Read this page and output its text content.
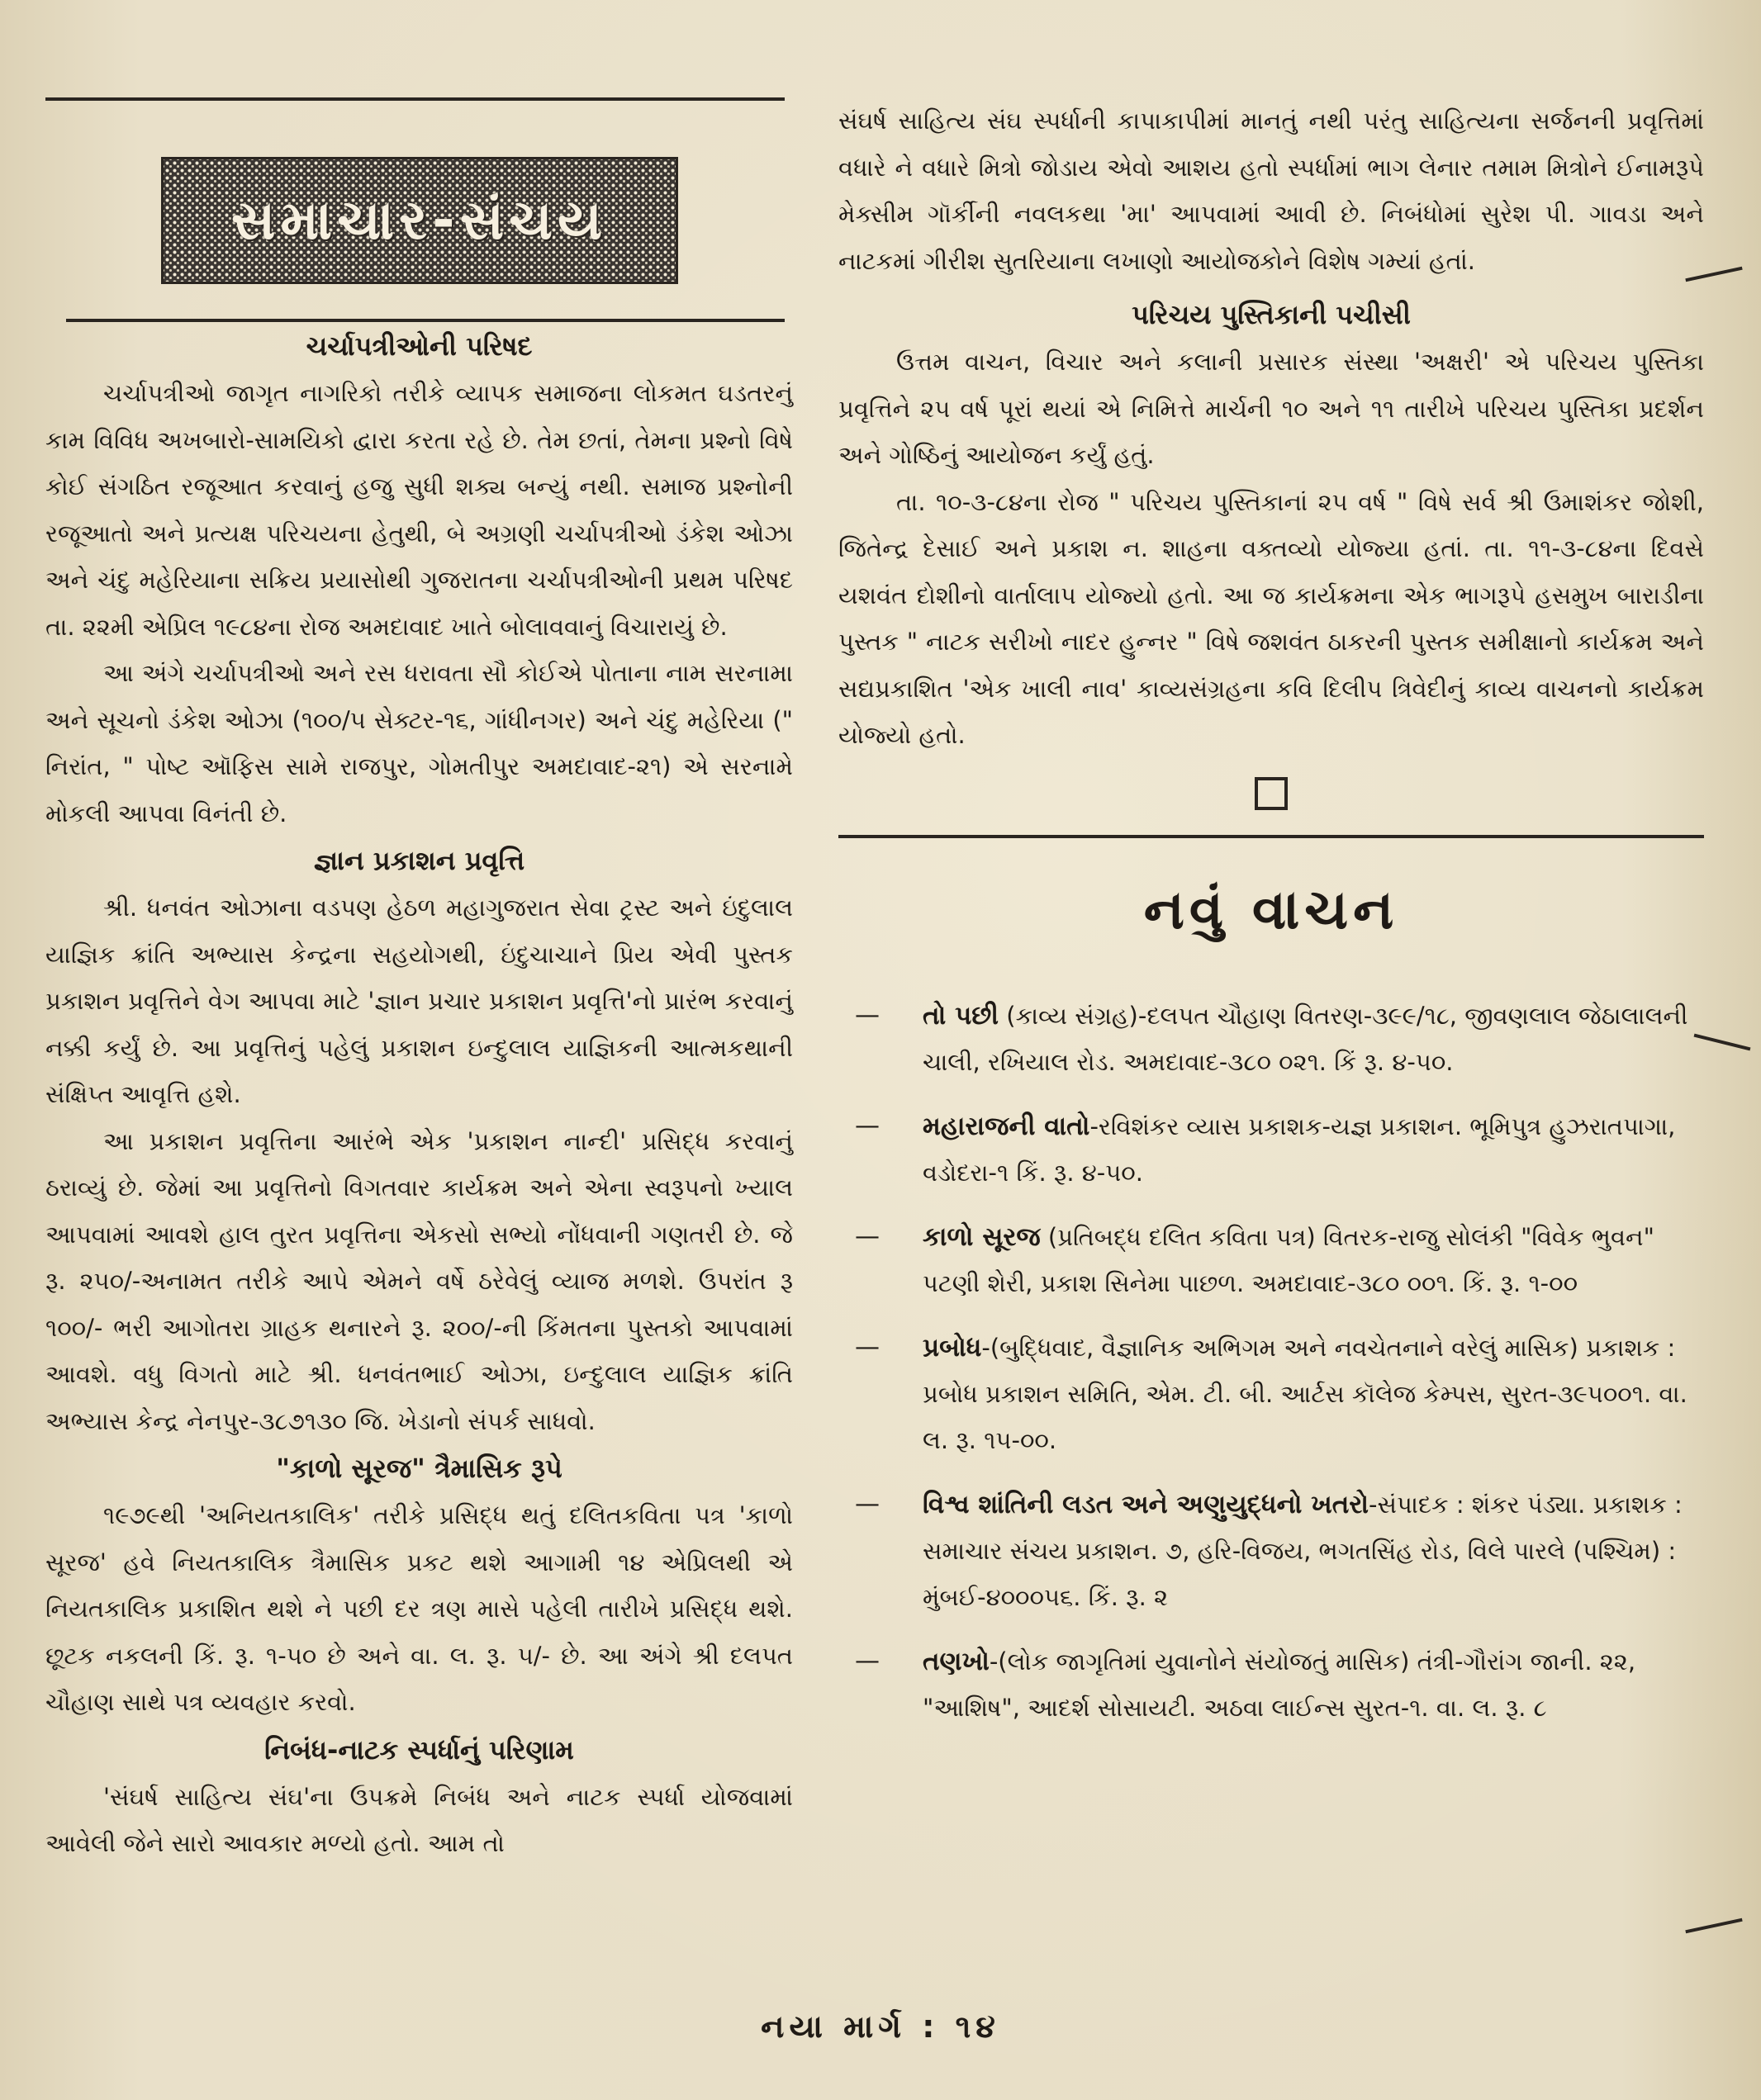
સમાચાર-સંચય
ચર્ચાપત્રીઓની પરિષદ

ચર્ચાપત્રીઓ જાગૃત નાગરિકો તરીકે વ્યાપક સમાજના લોકમત ઘડતરનું કામ વિવિધ અખબારો-સામયિકો દ્વારા કરતા રહે છે. તેમ છતાં, તેમના પ્રશ્નો વિષે કોઈ સંગઠિત રજૂઆત કરવાનું હજુ સુધી શક્ય બન્યું નથી. સમાજ પ્રશ્નોની રજૂઆતો અને પ્રત્યક્ષ પરિચયના હેતુથી, બે અગ્રણી ચર્ચાપત્રીઓ ડંકેશ ઓઝા અને ચંદુ મહેરિયાના સક્રિય પ્રયાસોથી ગુજરાતના ચર્ચાપત્રીઓની પ્રથમ પરિષદ તા. ૨૨મી એપ્રિલ ૧૯૮૪ના રોજ અમદાવાદ ખાતે બોલાવવાનું વિચારાયું છે.

આ અંગે ચર્ચાપત્રીઓ અને રસ ધરાવતા સૌ કોઈએ પોતાના નામ સરનામા અને સૂચનો ડંકેશ ઓઝા (૧૦૦/૫ સેક્ટર-૧૬, ગાંધીનગર) અને ચંદુ મહેરિયા (" નિરાંત, " પોષ્ટ ઑફિસ સામે રાજપુર, ગોમતીપુર અમદાવાદ-૨૧) એ સરનામે મોકલી આપવા વિનંતી છે.

જ્ઞાન પ્રકાશન પ્રવૃત્તિ

શ્રી. ધનવંત ઓઝાના વડપણ હેઠળ મહાગુજરાત સેવા ટ્રસ્ટ અને ઇંદુલાલ યાજ્ઞિક ક્રાંતિ અભ્યાસ કેન્દ્રના સહયોગથી, ઇંદુચાચાને પ્રિય એવી પુસ્તક પ્રકાશન પ્રવૃત્તિને વેગ આપવા માટે 'જ્ઞાન પ્રચાર પ્રકાશન પ્રવૃત્તિ'નો પ્રારંભ કરવાનું નક્કી કર્યું છે. આ પ્રવૃત્તિનું પહેલું પ્રકાશન ઇન્દુલાલ યાજ્ઞિકની આત્મકથાની સંક્ષિપ્ત આવૃત્તિ હશે.

આ પ્રકાશન પ્રવૃત્તિના આરંભે એક 'પ્રકાશન નાન્દી' પ્રસિદ્ધ કરવાનું ઠરાવ્યું છે. જેમાં આ પ્રવૃત્તિનો વિગતવાર કાર્યક્રમ અને એના સ્વરૂપનો ખ્યાલ આપવામાં આવશે હાલ તુરત પ્રવૃત્તિના એકસો સભ્યો નોંધવાની ગણતરી છે. જે રૂ. ૨૫૦/-અનામત તરીકે આપે એમને વર્ષે ઠરેવેલું વ્યાજ મળશે. ઉપરાંત રૂ ૧૦૦/- ભરી આગોતરા ગ્રાહક થનારને રૂ. ૨૦૦/-ની કિંમતના પુસ્તકો આપવામાં આવશે. વધુ વિગતો માટે શ્રી. ધનવંતભાઈ ઓઝા, ઇન્દુલાલ યાજ્ઞિક ક્રાંતિ અભ્યાસ કેન્દ્ર નેનપુર-૩૮૭૧૩૦ જિ. ખેડાનો સંપર્ક સાધવો.

"કાળો સૂરજ" ત્રૈમાસિક રૂપે

૧૯૭૯થી 'અનિયતકાલિક' તરીકે પ્રસિદ્ધ થતું દલિતકવિતા પત્ર 'કાળો સૂરજ' હવે નિયતકાલિક ત્રૈમાસિક પ્રકટ થશે આગામી ૧૪ એપ્રિલથી એ નિયતકાલિક પ્રકાશિત થશે ને પછી દર ત્રણ માસે પહેલી તારીખે પ્રસિદ્ધ થશે. છૂટક નકલની કિં. રૂ. ૧-૫૦ છે અને વા. લ. રૂ. ૫/- છે. આ અંગે શ્રી દલપત ચૌહાણ સાથે પત્ર વ્યવહાર કરવો.

નિબંધ-નાટક સ્પર્ધાનું પરિણામ

'સંઘર્ષ સાહિત્ય સંઘ'ના ઉપક્રમે નિબંધ અને નાટક સ્પર્ધા યોજવામાં આવેલી જેને સારો આવકાર મળ્યો હતો. આમ તો

સંઘર્ષ સાહિત્ય સંઘ સ્પર્ધાની કાપાકાપીમાં માનતું નથી પરંતુ સાહિત્યના સર્જનની પ્રવૃત્તિમાં વધારે ને વધારે મિત્રો જોડાય એવો આશય હતો સ્પર્ધામાં ભાગ લેનાર તમામ મિત્રોને ઈનામરૂપે મેક્સીમ ગૉર્કીની નવલકથા 'મા' આપવામાં આવી છે. નિબંધોમાં સુરેશ પી. ગાવડા અને નાટકમાં ગીરીશ સુતરિયાના લખાણો આયોજકોને વિશેષ ગમ્યાં હતાં.

પરિચય પુસ્તિકાની પચીસી

ઉત્તમ વાચન, વિચાર અને કલાની પ્રસારક સંસ્થા 'અક્ષરી' એ પરિચય પુસ્તિકા પ્રવૃત્તિને ૨૫ વર્ષ પૂરાં થયાં એ નિમિત્તે માર્ચની ૧૦ અને ૧૧ તારીખે પરિચય પુસ્તિકા પ્રદર્શન અને ગોષ્ઠિનું આયોજન કર્યું હતું.

તા. ૧૦-૩-૮૪ના રોજ " પરિચય પુસ્તિકાનાં ૨૫ વર્ષ " વિષે સર્વ શ્રી ઉમાશંકર જોશી, જિતેન્દ્ર દેસાઈ અને પ્રકાશ ન. શાહના વક્તવ્યો યોજ્યા હતાં. તા. ૧૧-૩-૮૪ના દિવસે યશવંત દોશીનો વાર્તાલાપ યોજ્યો હતો. આ જ કાર્યક્રમના એક ભાગરૂપે હસમુખ બારાડીના પુસ્તક " નાટક સરીખો નાદર હુન્નર " વિષે જશવંત ઠાકરની પુસ્તક સમીક્ષાનો કાર્યક્રમ અને સદ્યપ્રકાશિત 'એક ખાલી નાવ' કાવ્યસંગ્રહના કવિ દિલીપ ત્રિવેદીનું કાવ્ય વાચનનો કાર્યક્રમ યોજ્યો હતો.

નવું વાચન
—	તો પછી (કાવ્ય સંગ્રહ)-દલપત ચૌહાણ વિતરણ-૩૯૯/૧૮, જીવણલાલ જેઠાલાલની ચાલી, રખિયાલ રોડ. અમદાવાદ-૩૮૦ ૦૨૧. કિં રૂ. ૪-૫૦.
—	મહારાજની વાતો-રવિશંકર વ્યાસ પ્રકાશક-યજ્ઞ પ્રકાશન. ભૂમિપુત્ર હુઝરાતપાગા, વડોદરા-૧ કિં. રૂ. ૪-૫૦.
—	કાળો સૂરજ (પ્રતિબદ્ધ દલિત કવિતા પત્ર) વિતરક-રાજુ સોલંકી "વિવેક ભુવન" પટણી શેરી, પ્રકાશ સિનેમા પાછળ. અમદાવાદ-૩૮૦ ૦૦૧. કિં. રૂ. ૧-૦૦
—	પ્રબોધ-(બુદ્ધિવાદ, વૈજ્ઞાનિક અભિગમ અને નવચેતનાને વરેલું માસિક) પ્રકાશક : પ્રબોધ પ્રકાશન સમિતિ, એમ. ટી. બી. આર્ટસ કૉલેજ કેમ્પસ, સુરત-૩૯૫૦૦૧. વા. લ. રૂ. ૧૫-૦૦.
—	વિશ્વ શાંતિની લડત અને અણુયુદ્ધનો ખતરો-સંપાદક : શંકર પંડ્યા. પ્રકાશક : સમાચાર સંચય પ્રકાશન. ૭, હરિ-વિજય, ભગતસિંહ રોડ, વિલે પારલે (પશ્ચિમ) : મુંબઈ-૪૦૦૦૫૬. કિં. રૂ. ૨
—	તણખો-(લોક જાગૃતિમાં યુવાનોને સંયોજતું માસિક) તંત્રી-ગૌરાંગ જાની. ૨૨, "આશિષ", આદર્શ સોસાયટી. અઠવા લાઈન્સ સુરત-૧. વા. લ. રૂ. ૮
નયા માર્ગ : ૧૪
